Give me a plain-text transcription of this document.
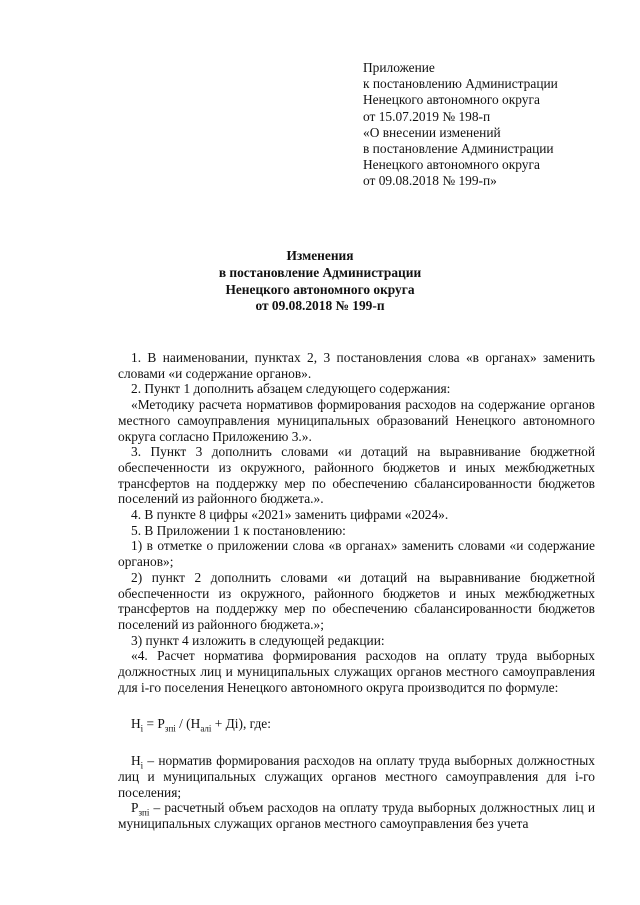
Приложение
к постановлению Администрации
Ненецкого автономного округа
от 15.07.2019 № 198-п
«О внесении изменений
в постановление Администрации
Ненецкого автономного округа
от 09.08.2018 № 199-п»
Изменения
в постановление Администрации
Ненецкого автономного округа
от 09.08.2018 № 199-п

1. В наименовании, пунктах 2, 3 постановления слова «в органах» заменить словами «и содержание органов».

2. Пункт 1 дополнить абзацем следующего содержания:

«Методику расчета нормативов формирования расходов на содержание органов местного самоуправления муниципальных образований Ненецкого автономного округа согласно Приложению 3.».

3. Пункт 3 дополнить словами «и дотаций на выравнивание бюджетной обеспеченности из окружного, районного бюджетов и иных межбюджетных трансфертов на поддержку мер по обеспечению сбалансированности бюджетов поселений из районного бюджета.».

4. В пункте 8 цифры «2021» заменить цифрами «2024».

5. В Приложении 1 к постановлению:

1) в отметке о приложении слова «в органах» заменить словами «и содержание органов»;

2) пункт 2 дополнить словами «и дотаций на выравнивание бюджетной обеспеченности из окружного, районного бюджетов и иных межбюджетных трансфертов на поддержку мер по обеспечению сбалансированности бюджетов поселений из районного бюджета.»;

3) пункт 4 изложить в следующей редакции:

«4. Расчет норматива формирования расходов на оплату труда выборных должностных лиц и муниципальных служащих органов местного самоуправления для i-го поселения Ненецкого автономного округа производится по формуле:

$Н_i = Р_{зпi} / (Н_{алi} + Дi)$, где:

$Н_i$ – норматив формирования расходов на оплату труда выборных должностных лиц и муниципальных служащих органов местного самоуправления для i-го поселения;

$Р_{зпi}$ – расчетный объем расходов на оплату труда выборных должностных лиц и муниципальных служащих органов местного самоуправления без учета
